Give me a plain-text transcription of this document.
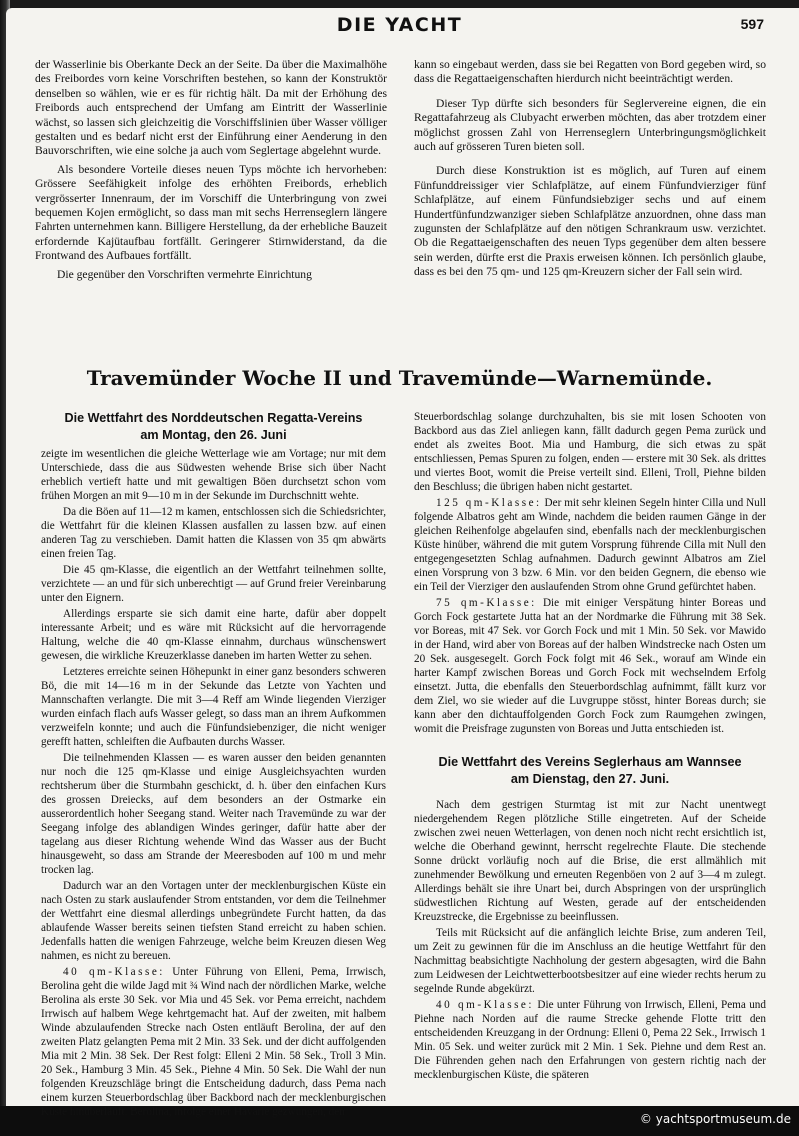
DIE YACHT	597

der Wasserlinie bis Oberkante Deck an der Seite. Da über die Maximalhöhe des Freibordes vorn keine Vorschriften bestehen, so kann der Konstruktör denselben so wählen, wie er es für richtig hält. Da mit der Erhöhung des Freibords auch entsprechend der Umfang am Eintritt der Wasserlinie wächst, so lassen sich gleichzeitig die Vorschiffslinien über Wasser völliger gestalten und es bedarf nicht erst der Einführung einer Aenderung in den Bauvorschriften, wie eine solche ja auch vom Seglertage abgelehnt wurde.

Als besondere Vorteile dieses neuen Typs möchte ich hervorheben: Grössere Seefähigkeit infolge des erhöhten Freibords, erheblich vergrösserter Innenraum, der im Vorschiff die Unterbringung von zwei bequemen Kojen ermöglicht, so dass man mit sechs Herrenseglern längere Fahrten unternehmen kann. Billigere Herstellung, da der erhebliche Bauzeit erfordernde Kajütaufbau fortfällt. Geringerer Stirnwiderstand, da die Frontwand des Aufbaues fortfällt.

Die gegenüber den Vorschriften vermehrte Einrichtung

kann so eingebaut werden, dass sie bei Regatten von Bord gegeben wird, so dass die Regattaeigenschaften hierdurch nicht beeinträchtigt werden.

Dieser Typ dürfte sich besonders für Seglervereine eignen, die ein Regattafahrzeug als Clubyacht erwerben möchten, das aber trotzdem einer möglichst grossen Zahl von Herrenseglern Unterbringungsmöglichkeit auch auf grösseren Turen bieten soll.

Durch diese Konstruktion ist es möglich, auf Turen auf einem Fünfunddreissiger vier Schlafplätze, auf einem Fünfundvierziger fünf Schlafplätze, auf einem Fünfundsiebziger sechs und auf einem Hundertfünfundzwanziger sieben Schlafplätze anzuordnen, ohne dass man zugunsten der Schlafplätze auf den nötigen Schrankraum usw. verzichtet. Ob die Regattaeigenschaften des neuen Typs gegenüber dem alten bessere sein werden, dürfte erst die Praxis erweisen können. Ich persönlich glaube, dass es bei den 75 qm- und 125 qm-Kreuzern sicher der Fall sein wird.

Travemünder Woche II und Travemünde—Warnemünde.
Die Wettfahrt des Norddeutschen Regatta-Vereins
am Montag, den 26. Juni

zeigte im wesentlichen die gleiche Wetterlage wie am Vortage; nur mit dem Unterschiede, dass die aus Südwesten wehende Brise sich über Nacht erheblich vertieft hatte und mit gewaltigen Böen durchsetzt schon vom frühen Morgen an mit 9—10 m in der Sekunde im Durchschnitt wehte.

Da die Böen auf 11—12 m kamen, entschlossen sich die Schiedsrichter, die Wettfahrt für die kleinen Klassen ausfallen zu lassen bzw. auf einen anderen Tag zu verschieben. Damit hatten die Klassen von 35 qm abwärts einen freien Tag.

Die 45 qm-Klasse, die eigentlich an der Wettfahrt teilnehmen sollte, verzichtete — an und für sich unberechtigt — auf Grund freier Vereinbarung unter den Eignern.

Allerdings ersparte sie sich damit eine harte, dafür aber doppelt interessante Arbeit; und es wäre mit Rücksicht auf die hervorragende Haltung, welche die 40 qm-Klasse einnahm, durchaus wünschenswert gewesen, die wirkliche Kreuzerklasse daneben im harten Wetter zu sehen.

Letzteres erreichte seinen Höhepunkt in einer ganz besonders schweren Bö, die mit 14—16 m in der Sekunde das Letzte von Yachten und Mannschaften verlangte. Die mit 3—4 Reff am Winde liegenden Vierziger wurden einfach flach aufs Wasser gelegt, so dass man an ihrem Aufkommen verzweifeln konnte; und auch die Fünfundsiebenziger, die nicht weniger gerefft hatten, schleiften die Aufbauten durchs Wasser.

Die teilnehmenden Klassen — es waren ausser den beiden genannten nur noch die 125 qm-Klasse und einige Ausgleichsyachten wurden rechtsherum über die Sturmbahn geschickt, d. h. über den einfachen Kurs des grossen Dreiecks, auf dem besonders an der Ostmarke ein ausserordentlich hoher Seegang stand. Weiter nach Travemünde zu war der Seegang infolge des ablandigen Windes geringer, dafür hatte aber der tagelang aus dieser Richtung wehende Wind das Wasser aus der Bucht hinausgeweht, so dass am Strande der Meeresboden auf 100 m und mehr trocken lag.

Dadurch war an den Vortagen unter der mecklenburgischen Küste ein nach Osten zu stark auslaufender Strom entstanden, vor dem die Teilnehmer der Wettfahrt eine diesmal allerdings unbegründete Furcht hatten, da das ablaufende Wasser bereits seinen tiefsten Stand erreicht zu haben schien. Jedenfalls hatten die wenigen Fahrzeuge, welche beim Kreuzen diesen Weg nahmen, es nicht zu bereuen.

40 qm-Klasse: Unter Führung von Elleni, Pema, Irrwisch, Berolina geht die wilde Jagd mit ¾ Wind nach der nördlichen Marke, welche Berolina als erste 30 Sek. vor Mia und 45 Sek. vor Pema erreicht, nachdem Irrwisch auf halbem Wege kehrtgemacht hat. Auf der zweiten, mit halbem Winde abzulaufenden Strecke nach Osten entläuft Berolina, der auf den zweiten Platz gelangten Pema mit 2 Min. 33 Sek. und der dicht auffolgenden Mia mit 2 Min. 38 Sek. Der Rest folgt: Elleni 2 Min. 58 Sek., Troll 3 Min. 20 Sek., Hamburg 3 Min. 45 Sek., Piehne 4 Min. 50 Sek. Die Wahl der nun folgenden Kreuzschläge bringt die Entscheidung dadurch, dass Pema nach einem kurzen Steuerbordschlag über Backbord nach der mecklenburgischen Küste hinüberläuft. Berolina, infolge einer Havarie gezwungen, den

Steuerbordschlag solange durchzuhalten, bis sie mit losen Schooten von Backbord aus das Ziel anliegen kann, fällt dadurch gegen Pema zurück und endet als zweites Boot. Mia und Hamburg, die sich etwas zu spät entschliessen, Pemas Spuren zu folgen, enden — erstere mit 30 Sek. als drittes und viertes Boot, womit die Preise verteilt sind. Elleni, Troll, Piehne bilden den Beschluss; die übrigen haben nicht gestartet.

125 qm-Klasse: Der mit sehr kleinen Segeln hinter Cilla und Null folgende Albatros geht am Winde, nachdem die beiden raumen Gänge in der gleichen Reihenfolge abgelaufen sind, ebenfalls nach der mecklenburgischen Küste hinüber, während die mit gutem Vorsprung führende Cilla mit Null den entgegengesetzten Schlag aufnahmen. Dadurch gewinnt Albatros am Ziel einen Vorsprung von 3 bzw. 6 Min. vor den beiden Gegnern, die ebenso wie ein Teil der Vierziger den auslaufenden Strom ohne Grund gefürchtet haben.

75 qm-Klasse: Die mit einiger Verspätung hinter Boreas und Gorch Fock gestartete Jutta hat an der Nordmarke die Führung mit 38 Sek. vor Boreas, mit 47 Sek. vor Gorch Fock und mit 1 Min. 50 Sek. vor Mawido in der Hand, wird aber von Boreas auf der halben Windstrecke nach Osten um 20 Sek. ausgesegelt. Gorch Fock folgt mit 46 Sek., worauf am Winde ein harter Kampf zwischen Boreas und Gorch Fock mit wechselndem Erfolg einsetzt. Jutta, die ebenfalls den Steuerbordschlag aufnimmt, fällt kurz vor dem Ziel, wo sie wieder auf die Luvgruppe stösst, hinter Boreas durch; sie kann aber den dichtauffolgenden Gorch Fock zum Raumgehen zwingen, womit die Preisfrage zugunsten von Boreas und Jutta entschieden ist.

Die Wettfahrt des Vereins Seglerhaus am Wannsee
am Dienstag, den 27. Juni.

Nach dem gestrigen Sturmtag ist mit zur Nacht unentwegt niedergehendem Regen plötzliche Stille eingetreten. Auf der Scheide zwischen zwei neuen Wetterlagen, von denen noch nicht recht ersichtlich ist, welche die Oberhand gewinnt, herrscht regelrechte Flaute. Die stechende Sonne drückt vorläufig noch auf die Brise, die erst allmählich mit zunehmender Bewölkung und erneuten Regenböen von 2 auf 3—4 m zulegt. Allerdings behält sie ihre Unart bei, durch Abspringen von der ursprünglich südwestlichen Richtung auf Westen, gerade auf der entscheidenden Kreuzstrecke, die Ergebnisse zu beeinflussen.

Teils mit Rücksicht auf die anfänglich leichte Brise, zum anderen Teil, um Zeit zu gewinnen für die im Anschluss an die heutige Wettfahrt für den Nachmittag beabsichtigte Nachholung der gestern abgesagten, wird die Bahn zum Leidwesen der Leichtwetterbootsbesitzer auf eine wieder rechts herum zu segelnde Runde abgekürzt.

40 qm-Klasse: Die unter Führung von Irrwisch, Elleni, Pema und Piehne nach Norden auf die raume Strecke gehende Flotte tritt den entscheidenden Kreuzgang in der Ordnung: Elleni 0, Pema 22 Sek., Irrwisch 1 Min. 05 Sek. und weiter zurück mit 2 Min. 1 Sek. Piehne und dem Rest an. Die Führenden gehen nach den Erfahrungen von gestern richtig nach der mecklenburgischen Küste, die späteren

© yachtsportmuseum.de
